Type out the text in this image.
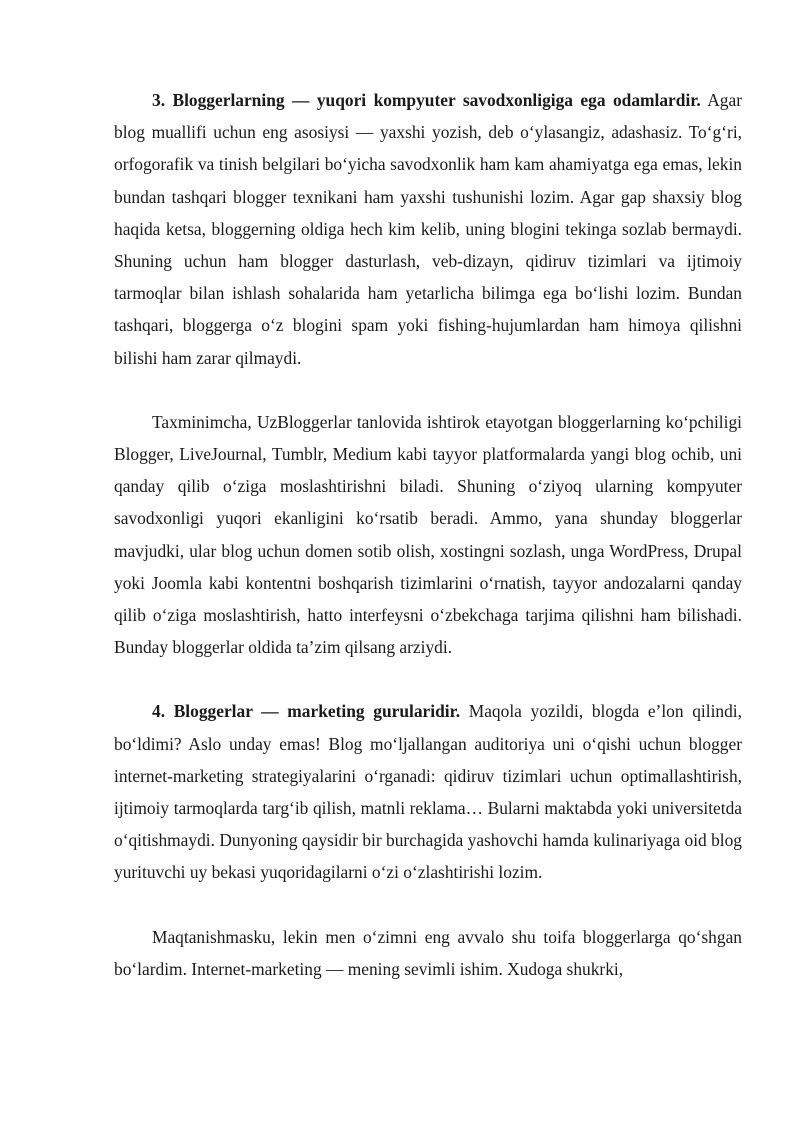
3. Bloggerlarning — yuqori kompyuter savodxonligiga ega odamlardir. Agar blog muallifi uchun eng asosiysi — yaxshi yozish, deb o‘ylasangiz, adashasiz. To‘g‘ri, orfogorafik va tinish belgilari bo‘yicha savodxonlik ham kam ahamiyatga ega emas, lekin bundan tashqari blogger texnikani ham yaxshi tushunishi lozim. Agar gap shaxsiy blog haqida ketsa, bloggerning oldiga hech kim kelib, uning blogini tekinga sozlab bermaydi. Shuning uchun ham blogger dasturlash, veb-dizayn, qidiruv tizimlari va ijtimoiy tarmoqlar bilan ishlash sohalarida ham yetarlicha bilimga ega bo‘lishi lozim. Bundan tashqari, bloggerga o‘z blogini spam yoki fishing-hujumlardan ham himoya qilishni bilishi ham zarar qilmaydi.

Taxminimcha, UzBloggerlar tanlovida ishtirok etayotgan bloggerlarning ko‘pchiligi Blogger, LiveJournal, Tumblr, Medium kabi tayyor platformalarda yangi blog ochib, uni qanday qilib o‘ziga moslashtirishni biladi. Shuning o‘ziyoq ularning kompyuter savodxonligi yuqori ekanligini ko‘rsatib beradi. Ammo, yana shunday bloggerlar mavjudki, ular blog uchun domen sotib olish, xostingni sozlash, unga WordPress, Drupal yoki Joomla kabi kontentni boshqarish tizimlarini o‘rnatish, tayyor andozalarni qanday qilib o‘ziga moslashtirish, hatto interfeysni o‘zbekchaga tarjima qilishni ham bilishadi. Bunday bloggerlar oldida ta’zim qilsang arziydi.

4. Bloggerlar — marketing gurularidir. Maqola yozildi, blogda e’lon qilindi, bo‘ldimi? Aslo unday emas! Blog mo‘ljallangan auditoriya uni o‘qishi uchun blogger internet-marketing strategiyalarini o‘rganadi: qidiruv tizimlari uchun optimallashtirish, ijtimoiy tarmoqlarda targ‘ib qilish, matnli reklama… Bularni maktabda yoki universitetda o‘qitishmaydi. Dunyoning qaysidir bir burchagida yashovchi hamda kulinariyaga oid blog yurituvchi uy bekasi yuqoridagilarni o‘zi o‘zlashtirishi lozim.

Maqtanishmasku, lekin men o‘zimni eng avvalo shu toifa bloggerlarga qo‘shgan bo‘lardim. Internet-marketing — mening sevimli ishim. Xudoga shukrki,
